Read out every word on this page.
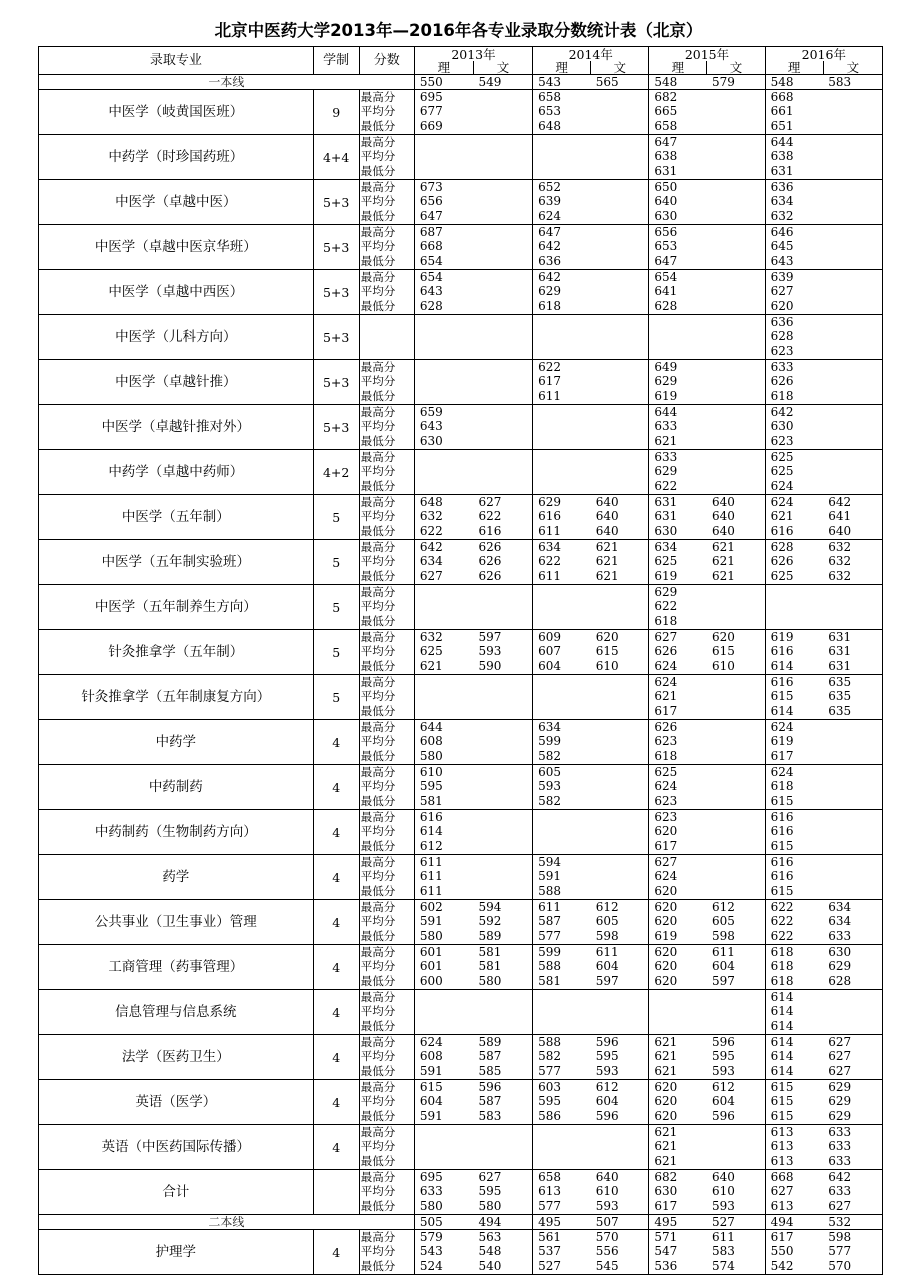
北京中医药大学2013年—2016年各专业录取分数统计表（北京）
录取专业	学制	分数	2013年		2014年		2015年		2016年	
			理	文	理	文	理	文	理	文
一本线			550	549	543	565	548	579	548	583
中医学（岐黄国医班）	9	最高分	695		658		682		668	
		平均分	677		653		665		661	
		最低分	669		648		658		651	
中药学（时珍国药班）	4+4	最高分					647		644	
		平均分					638		638	
		最低分					631		631	
中医学（卓越中医）	5+3	最高分	673		652		650		636	
		平均分	656		639		640		634	
		最低分	647		624		630		632	
中医学（卓越中医京华班）	5+3	最高分	687		647		656		646	
		平均分	668		642		653		645	
		最低分	654		636		647		643	
中医学（卓越中西医）	5+3	最高分	654		642		654		639	
		平均分	643		629		641		627	
		最低分	628		618		628		620	
中医学（儿科方向）	5+3								636	
									628	
									623	
中医学（卓越针推）	5+3	最高分			622		649		633	
		平均分			617		629		626	
		最低分			611		619		618	
中医学（卓越针推对外）	5+3	最高分	659				644		642	
		平均分	643				633		630	
		最低分	630				621		623	
中药学（卓越中药师）	4+2	最高分					633		625	
		平均分					629		625	
		最低分					622		624	
中医学（五年制）	5	最高分	648	627	629	640	631	640	624	642
		平均分	632	622	616	640	631	640	621	641
		最低分	622	616	611	640	630	640	616	640
中医学（五年制实验班）	5	最高分	642	626	634	621	634	621	628	632
		平均分	634	626	622	621	625	621	626	632
		最低分	627	626	611	621	619	621	625	632
中医学（五年制养生方向）	5	最高分					629			
		平均分					622			
		最低分					618			
针灸推拿学（五年制）	5	最高分	632	597	609	620	627	620	619	631
		平均分	625	593	607	615	626	615	616	631
		最低分	621	590	604	610	624	610	614	631
针灸推拿学（五年制康复方向）	5	最高分					624		616	635
		平均分					621		615	635
		最低分					617		614	635
中药学	4	最高分	644		634		626		624	
		平均分	608		599		623		619	
		最低分	580		582		618		617	
中药制药	4	最高分	610		605		625		624	
		平均分	595		593		624		618	
		最低分	581		582		623		615	
中药制药（生物制药方向）	4	最高分	616				623		616	
		平均分	614				620		616	
		最低分	612				617		615	
药学	4	最高分	611		594		627		616	
		平均分	611		591		624		616	
		最低分	611		588		620		615	
公共事业（卫生事业）管理	4	最高分	602	594	611	612	620	612	622	634
		平均分	591	592	587	605	620	605	622	634
		最低分	580	589	577	598	619	598	622	633
工商管理（药事管理）	4	最高分	601	581	599	611	620	611	618	630
		平均分	601	581	588	604	620	604	618	629
		最低分	600	580	581	597	620	597	618	628
信息管理与信息系统	4	最高分							614	
		平均分							614	
		最低分							614	
法学（医药卫生）	4	最高分	624	589	588	596	621	596	614	627
		平均分	608	587	582	595	621	595	614	627
		最低分	591	585	577	593	621	593	614	627
英语（医学）	4	最高分	615	596	603	612	620	612	615	629
		平均分	604	587	595	604	620	604	615	629
		最低分	591	583	586	596	620	596	615	629
英语（中医药国际传播）	4	最高分					621		613	633
		平均分					621		613	633
		最低分					621		613	633
合计		最高分	695	627	658	640	682	640	668	642
		平均分	633	595	613	610	630	610	627	633
		最低分	580	580	577	593	617	593	613	627
二本线			505	494	495	507	495	527	494	532
护理学	4	最高分	579	563	561	570	571	611	617	598
		平均分	543	548	537	556	547	583	550	577
		最低分	524	540	527	545	536	574	542	570
